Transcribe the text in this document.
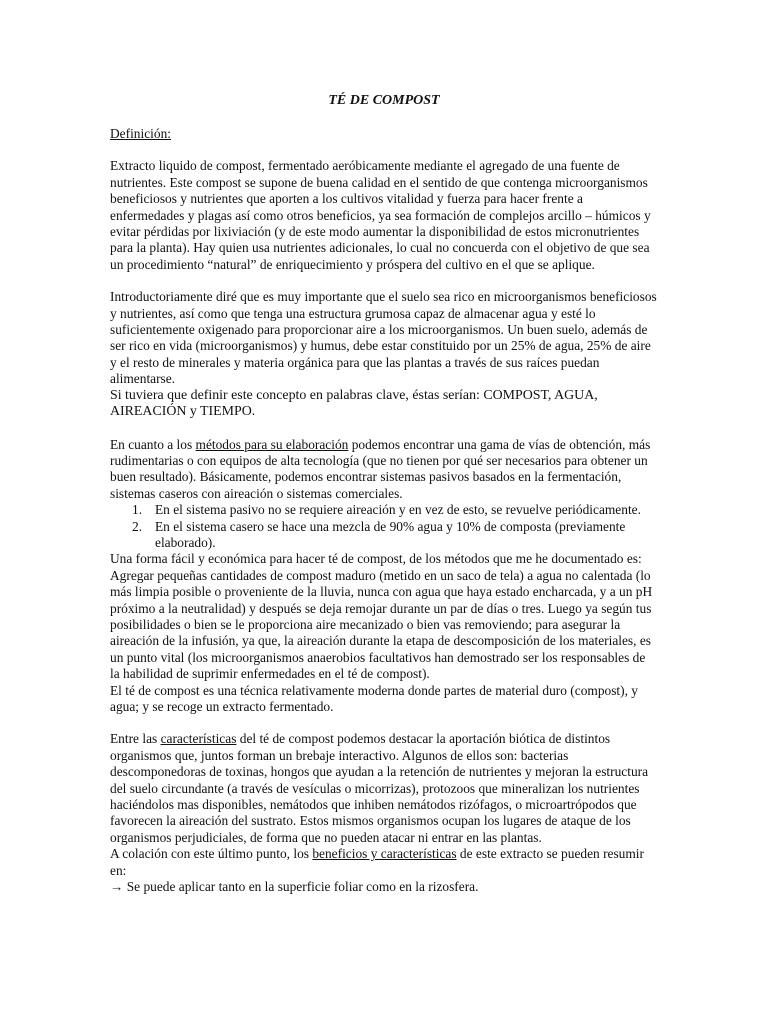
TÉ DE COMPOST

Definición:

Extracto liquido de compost, fermentado aeróbicamente mediante el agregado de una fuente de nutrientes. Este compost se supone de buena calidad en el sentido de que contenga microorganismos beneficiosos y nutrientes que aporten a los cultivos vitalidad y fuerza para hacer frente a enfermedades y plagas así como otros beneficios, ya sea formación de complejos arcillo – húmicos y evitar pérdidas por lixiviación (y de este modo aumentar la disponibilidad de estos micronutrientes para la planta). Hay quien usa nutrientes adicionales, lo cual no concuerda con el objetivo de que sea un procedimiento “natural” de enriquecimiento y próspera del cultivo en el que se aplique.

Introductoriamente diré que es muy importante que el suelo sea rico en microorganismos beneficiosos y nutrientes, así como que tenga una estructura grumosa capaz de almacenar agua y esté lo suficientemente oxigenado para proporcionar aire a los microorganismos. Un buen suelo, además de ser rico en vida (microorganismos) y humus, debe estar constituido por un 25% de agua, 25% de aire y el resto de minerales y materia orgánica para que las plantas a través de sus raíces puedan alimentarse.

Si tuviera que definir este concepto en palabras clave, éstas serían: COMPOST, AGUA, AIREACIÓN y TIEMPO.

En cuanto a los métodos para su elaboración podemos encontrar una gama de vías de obtención, más rudimentarias o con equipos de alta tecnología (que no tienen por qué ser necesarios para obtener un buen resultado). Básicamente, podemos encontrar sistemas pasivos basados en la fermentación, sistemas caseros con aireación o sistemas comerciales.

1. En el sistema pasivo no se requiere aireación y en vez de esto, se revuelve periódicamente.
2. En el sistema casero se hace una mezcla de 90% agua y 10% de composta (previamente elaborado).

Una forma fácil y económica para hacer té de compost, de los métodos que me he documentado es: Agregar pequeñas cantidades de compost maduro (metido en un saco de tela) a agua no calentada (lo más limpia posible o proveniente de la lluvia, nunca con agua que haya estado encharcada, y a un pH próximo a la neutralidad) y después se deja remojar durante un par de días o tres. Luego ya según tus posibilidades o bien se le proporciona aire mecanizado o bien vas removiendo; para asegurar la aireación de la infusión, ya que, la aireación durante la etapa de descomposición de los materiales, es un punto vital (los microorganismos anaerobios facultativos han demostrado ser los responsables de la habilidad de suprimir enfermedades en el té de compost).

El té de compost es una técnica relativamente moderna donde partes de material duro (compost), y agua; y se recoge un extracto fermentado.

Entre las características del té de compost podemos destacar la aportación biótica de distintos organismos que, juntos forman un brebaje interactivo. Algunos de ellos son: bacterias descomponedoras de toxinas, hongos que ayudan a la retención de nutrientes y mejoran la estructura del suelo circundante (a través de vesículas o micorrizas), protozoos que mineralizan los nutrientes haciéndolos mas disponibles, nemátodos que inhiben nemátodos rizófagos, o microartrópodos que favorecen la aireación del sustrato. Estos mismos organismos ocupan los lugares de ataque de los organismos perjudiciales, de forma que no pueden atacar ni entrar en las plantas.

A colación con este último punto, los beneficios y características de este extracto se pueden resumir en:

→ Se puede aplicar tanto en la superficie foliar como en la rizosfera.
